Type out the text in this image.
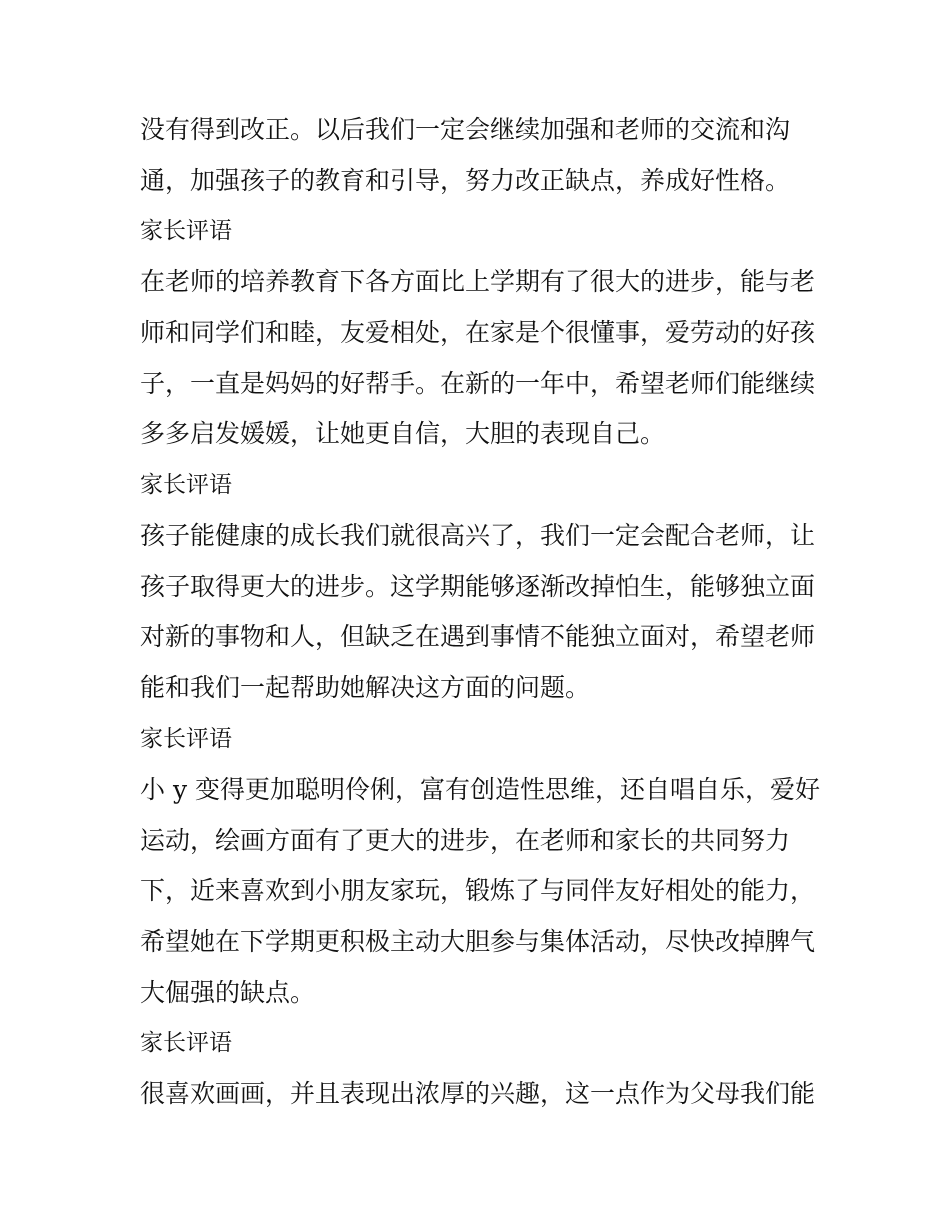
没有得到改正。以后我们一定会继续加强和老师的交流和沟
通，加强孩子的教育和引导，努力改正缺点，养成好性格。
家长评语
在老师的培养教育下各方面比上学期有了很大的进步，能与老
师和同学们和睦，友爱相处，在家是个很懂事，爱劳动的好孩
子，一直是妈妈的好帮手。在新的一年中，希望老师们能继续
多多启发媛媛，让她更自信，大胆的表现自己。
家长评语
孩子能健康的成长我们就很高兴了，我们一定会配合老师，让
孩子取得更大的进步。这学期能够逐渐改掉怕生，能够独立面
对新的事物和人，但缺乏在遇到事情不能独立面对，希望老师
能和我们一起帮助她解决这方面的问题。
家长评语
小 y 变得更加聪明伶俐，富有创造性思维，还自唱自乐，爱好
运动，绘画方面有了更大的进步，在老师和家长的共同努力
下，近来喜欢到小朋友家玩，锻炼了与同伴友好相处的能力，
希望她在下学期更积极主动大胆参与集体活动，尽快改掉脾气
大倔强的缺点。
家长评语
很喜欢画画，并且表现出浓厚的兴趣，这一点作为父母我们能
